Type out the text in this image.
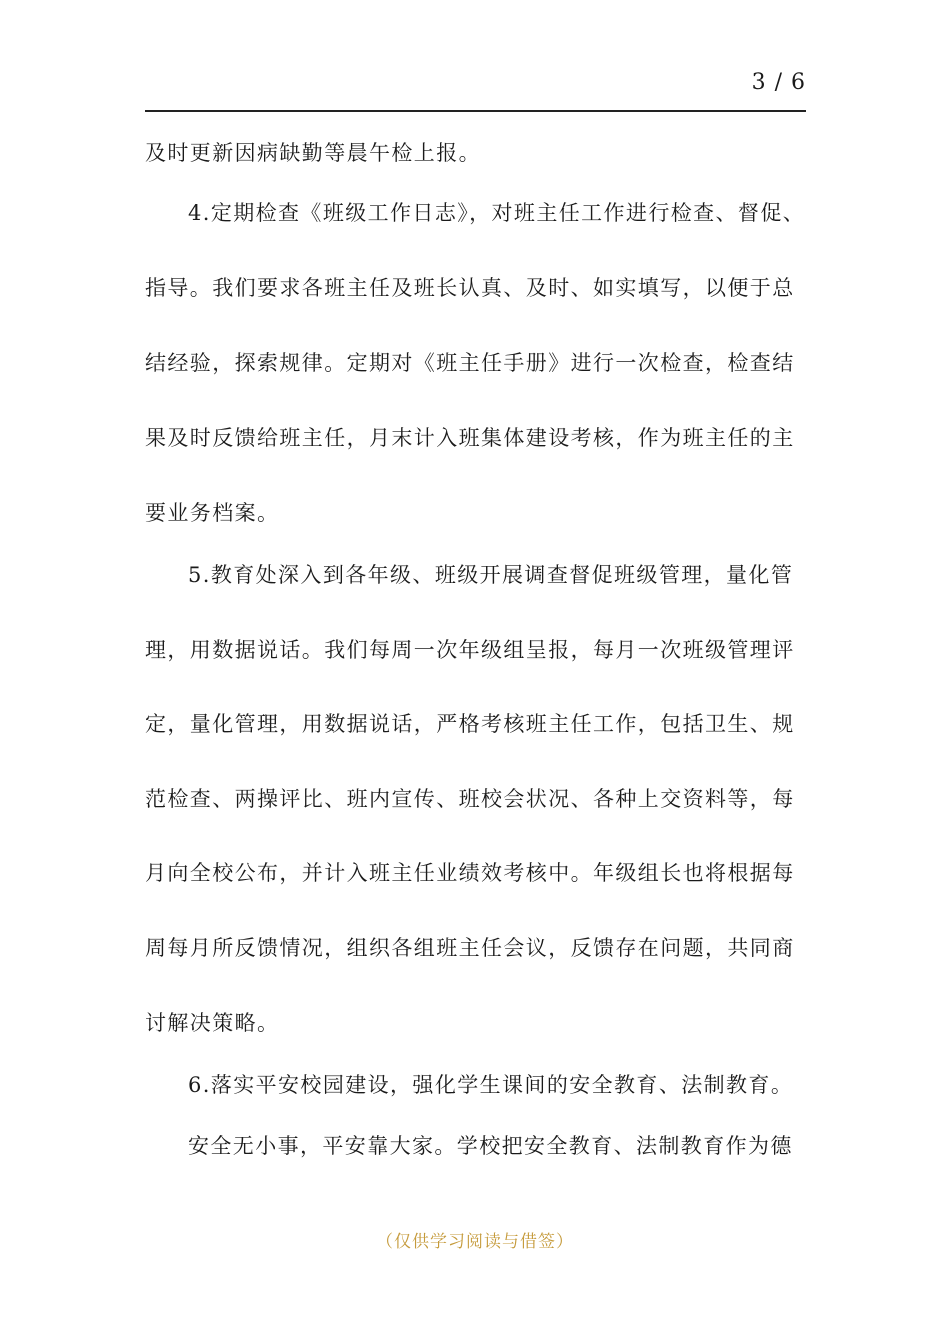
3 / 6
及时更新因病缺勤等晨午检上报。
4.定期检查《班级工作日志》，对班主任工作进行检查、督促、
指导。我们要求各班主任及班长认真、及时、如实填写，以便于总
结经验，探索规律。定期对《班主任手册》进行一次检查，检查结
果及时反馈给班主任，月末计入班集体建设考核，作为班主任的主
要业务档案。
5.教育处深入到各年级、班级开展调查督促班级管理，量化管
理，用数据说话。我们每周一次年级组呈报，每月一次班级管理评
定，量化管理，用数据说话，严格考核班主任工作，包括卫生、规
范检查、两操评比、班内宣传、班校会状况、各种上交资料等，每
月向全校公布，并计入班主任业绩效考核中。年级组长也将根据每
周每月所反馈情况，组织各组班主任会议，反馈存在问题，共同商
讨解决策略。
6.落实平安校园建设，强化学生课间的安全教育、法制教育。
安全无小事，平安靠大家。学校把安全教育、法制教育作为德
（仅供学习阅读与借签）
